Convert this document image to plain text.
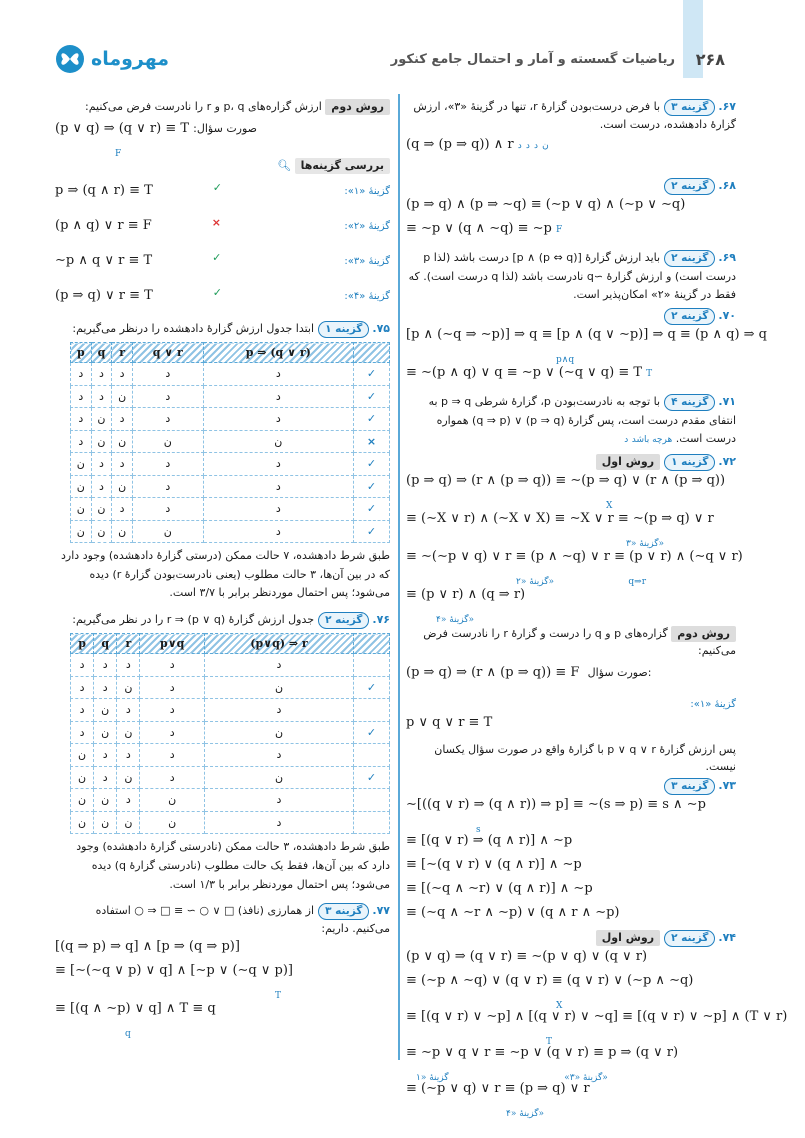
مهروماه	ریاضیات گسسته و آمار و احتمال جامع کنکور ۲۶۸
۶۷.گزینه ۳با فرض درست‌بودن گزارهٔ r، تنها در گزینهٔ «۳»، ارزش گزارهٔ دادهشده، درست است.
(q ⇒ (p ⇒ q)) ∧ r	ن د د د
۶۸.گزینه ۲
(p ⇒ q) ∧ (p ⇒ ∼q) ≡ (∼p ∨ q) ∧ (∼p ∨ ∼q)
≡ ∼p ∨ (q ∧ ∼q) ≡ ∼p F
۶۹.گزینه ۲باید ارزش گزارهٔ [(p ⇔ q) ∧ p] درست باشد (لذا p درست است) و ارزش گزارهٔ ∼q نادرست باشد (لذا q درست است). که فقط در گزینهٔ «۲» امکان‌پذیر است.
۷۰.گزینه ۲
[p ∧ (∼q ⇒ ∼p)] ⇒ q ≡ [p ∧ (q ∨ ∼p)] ⇒ q ≡ (p ∧ q) ⇒ q
p∧q
≡ ∼(p ∧ q) ∨ q ≡ ∼p ∨ (∼q ∨ q) ≡ T T
۷۱.گزینه ۴با توجه به نادرست‌بودن p، گزارهٔ شرطی p ⇒ q به انتفای مقدم درست است، پس گزارهٔ (p ⇒ q) ∨ (q ⇒ p) همواره درست است. هرچه باشد د
۷۲.گزینه ۱روش اول
(p ⇒ q) ⇒ (r ∧ (p ⇒ q)) ≡ ∼(p ⇒ q) ∨ (r ∧ (p ⇒ q))
X
≡ (∼X ∨ r) ∧ (∼X ∨ X) ≡ ∼X ∨ r ≡ ∼(p ⇒ q) ∨ r
گزینهٔ «۳»
≡ ∼(∼p ∨ q) ∨ r ≡ (p ∧ ∼q) ∨ r ≡ (p ∨ r) ∧ (∼q ∨ r)
گزینهٔ «۲»	q⇒r
≡ (p ∨ r) ∧ (q ⇒ r)
گزینهٔ «۴»
روش دوم گزاره‌های p و q را درست و گزارهٔ r را نادرست فرض می‌کنیم:
(p ⇒ q) ⇒ (r ∧ (p ⇒ q)) ≡ F صورت سؤال:
گزینهٔ «۱»:
p ∨ q ∨ r ≡ T
پس ارزش گزارهٔ p ∨ q ∨ r با گزارهٔ واقع در صورت سؤال یکسان نیست.
۷۳.گزینه ۳
∼[((q ∨ r) ⇒ (q ∧ r)) ⇒ p] ≡ ∼(s ⇒ p) ≡ s ∧ ∼p
s
≡ [(q ∨ r) ⇒ (q ∧ r)] ∧ ∼p
≡ [∼(q ∨ r) ∨ (q ∧ r)] ∧ ∼p
≡ [(∼q ∧ ∼r) ∨ (q ∧ r)] ∧ ∼p
≡ (∼q ∧ ∼r ∧ ∼p) ∨ (q ∧ r ∧ ∼p)
۷۴.گزینه ۲روش اول
(p ∨ q) ⇒ (q ∨ r) ≡ ∼(p ∨ q) ∨ (q ∨ r)
≡ (∼p ∧ ∼q) ∨ (q ∨ r) ≡ (q ∨ r) ∨ (∼p ∧ ∼q)
X
≡ [(q ∨ r) ∨ ∼p] ∧ [(q ∨ r) ∨ ∼q] ≡ [(q ∨ r) ∨ ∼p] ∧ (T ∨ r)
T
≡ ∼p ∨ q ∨ r ≡ ∼p ∨ (q ∨ r) ≡ p ⇒ (q ∨ r)
گزینهٔ «۳»                            گزینهٔ «۱»
≡ (∼p ∨ q) ∨ r ≡ (p ⇒ q) ∨ r
گزینهٔ «۴»
روش دوم ارزش گزاره‌های p، q و r را نادرست فرض می‌کنیم:
(p ∨ q) ⇒ (q ∨ r) ≡ T :صورت سؤال
F
بررسی گزینه‌ها 🔍︎
گزینهٔ «۱»:
p ⇒ (q ∧ r) ≡ T	✓
گزینهٔ «۲»:
(p ∧ q) ∨ r ≡ F	×
گزینهٔ «۳»:
∼p ∧ q ∨ r ≡ T	✓
گزینهٔ «۴»:
(p ⇒ q) ∨ r ≡ T	✓
۷۵.گزینه ۱ابتدا جدول ارزش گزارهٔ دادهشده را درنظر می‌گیریم:
p	q	r	q ∨ r	p ⇒ (q ∨ r)	
د	د	د	د	د	✓
د	د	ن	د	د	✓
د	ن	د	د	د	✓
د	ن	ن	ن	ن	×
ن	د	د	د	د	✓
ن	د	ن	د	د	✓
ن	ن	د	د	د	✓
ن	ن	ن	ن	د	✓
طبق شرط دادهشده، ۷ حالت ممکن (درستی گزارهٔ دادهشده) وجود دارد که در بین آن‌ها، ۳ حالت مطلوب (یعنی نادرست‌بودن گزارهٔ r) دیده می‌شود؛ پس احتمال موردنظر برابر با ۳/۷ است.
۷۶.گزینه ۲جدول ارزش گزارهٔ (p ∨ q) ⇒ r را در نظر می‌گیریم:
p	q	r	p∨q	(p∨q) ⇒ r	
د	د	د	د	د	
د	د	ن	د	ن	✓
د	ن	د	د	د	
د	ن	ن	د	ن	✓
ن	د	د	د	د	
ن	د	ن	د	ن	✓
ن	ن	د	ن	د	
ن	ن	ن	ن	د	
طبق شرط دادهشده، ۳ حالت ممکن (نادرستی گزارهٔ دادهشده) وجود دارد که بین آن‌ها، فقط یک حالت مطلوب (نادرستی گزارهٔ q) دیده می‌شود؛ پس احتمال موردنظر برابر با ۱/۳ است.
۷۷.گزینه ۳از همارزی (نافذ) □ ∨ ○ ∼ ≡ □ ⇒ ○ استفاده می‌کنیم. داریم:
[(q ⇒ p) ⇒ q] ∧ [p ⇒ (q ⇒ p)]
≡ [∼(∼q ∨ p) ∨ q] ∧ [∼p ∨ (∼q ∨ p)]
T
≡ [(q ∧ ∼p) ∨ q] ∧ T ≡ q
q
